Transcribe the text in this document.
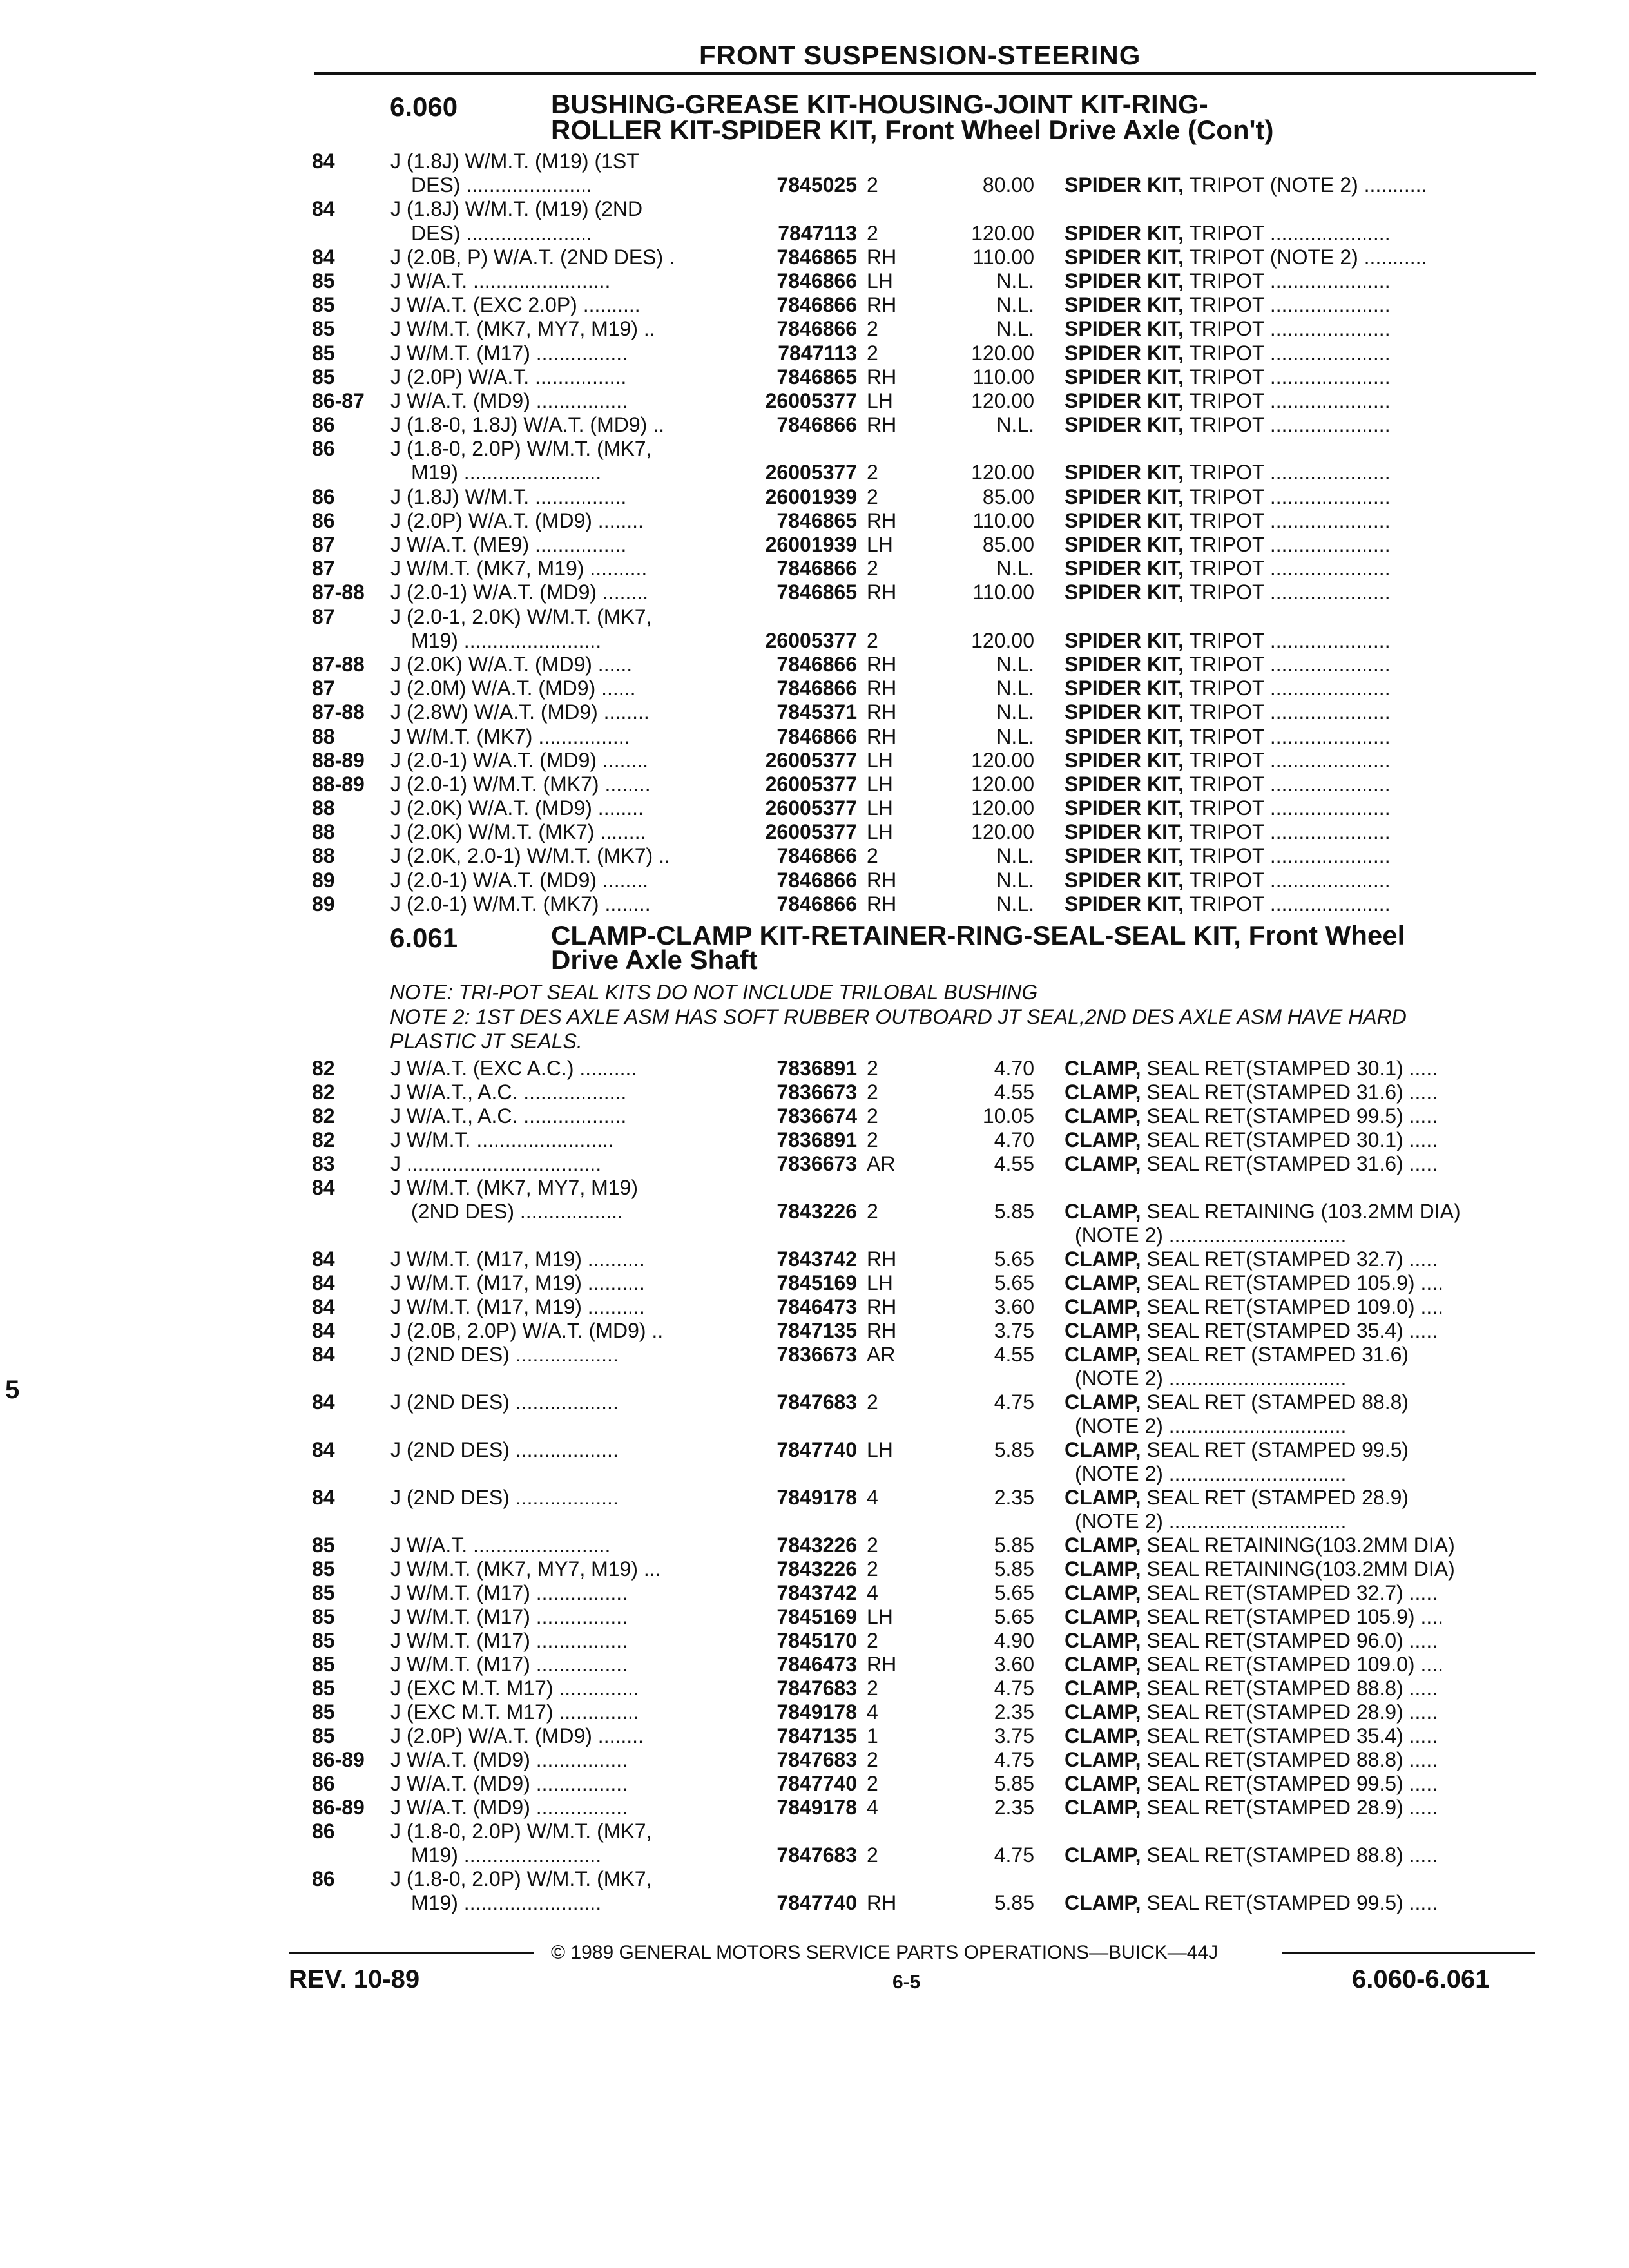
FRONT SUSPENSION-STEERING
6.060	BUSHING-GREASE KIT-HOUSING-JOINT KIT-RING-
ROLLER KIT-SPIDER KIT, Front Wheel Drive Axle (Con't)
84	J (1.8J) W/M.T. (M19) (1ST
DES) ......................	7845025 2	80.00 SPIDER KIT, TRIPOT (NOTE 2) ...........
84	J (1.8J) W/M.T. (M19) (2ND
DES) ......................	7847113 2	120.00 SPIDER KIT, TRIPOT .....................
84	J (2.0B, P) W/A.T. (2ND DES) .	7846865 RH	110.00 SPIDER KIT, TRIPOT (NOTE 2) ...........
85	J W/A.T. ........................	7846866 LH	N.L. SPIDER KIT, TRIPOT .....................
85	J W/A.T. (EXC 2.0P) ..........	7846866 RH	N.L. SPIDER KIT, TRIPOT .....................
85	J W/M.T. (MK7, MY7, M19) ..	7846866 2	N.L. SPIDER KIT, TRIPOT .....................
85	J W/M.T. (M17) ................	7847113 2	120.00 SPIDER KIT, TRIPOT .....................
85	J (2.0P) W/A.T. ................	7846865 RH	110.00 SPIDER KIT, TRIPOT .....................
86-87 J W/A.T. (MD9) ................	26005377 LH	120.00 SPIDER KIT, TRIPOT .....................
86	J (1.8-0, 1.8J) W/A.T. (MD9) ..	7846866 RH	N.L. SPIDER KIT, TRIPOT .....................
86	J (1.8-0, 2.0P) W/M.T. (MK7,
M19) ........................	26005377 2	120.00 SPIDER KIT, TRIPOT .....................
86	J (1.8J) W/M.T. ................	26001939 2	85.00 SPIDER KIT, TRIPOT .....................
86	J (2.0P) W/A.T. (MD9) ........	7846865 RH	110.00 SPIDER KIT, TRIPOT .....................
87	J W/A.T. (ME9) ................	26001939 LH	85.00 SPIDER KIT, TRIPOT .....................
87	J W/M.T. (MK7, M19) ..........	7846866 2	N.L. SPIDER KIT, TRIPOT .....................
87-88 J (2.0-1) W/A.T. (MD9) ........	7846865 RH	110.00 SPIDER KIT, TRIPOT .....................
87	J (2.0-1, 2.0K) W/M.T. (MK7,
M19) ........................	26005377 2	120.00 SPIDER KIT, TRIPOT .....................
87-88 J (2.0K) W/A.T. (MD9) ......	7846866 RH	N.L. SPIDER KIT, TRIPOT .....................
87	J (2.0M) W/A.T. (MD9) ......	7846866 RH	N.L. SPIDER KIT, TRIPOT .....................
87-88 J (2.8W) W/A.T. (MD9) ........	7845371 RH	N.L. SPIDER KIT, TRIPOT .....................
88	J W/M.T. (MK7) ................	7846866 RH	N.L. SPIDER KIT, TRIPOT .....................
88-89 J (2.0-1) W/A.T. (MD9) ........	26005377 LH	120.00 SPIDER KIT, TRIPOT .....................
88-89 J (2.0-1) W/M.T. (MK7) ........	26005377 LH	120.00 SPIDER KIT, TRIPOT .....................
88	J (2.0K) W/A.T. (MD9) ........	26005377 LH	120.00 SPIDER KIT, TRIPOT .....................
88	J (2.0K) W/M.T. (MK7) ........	26005377 LH	120.00 SPIDER KIT, TRIPOT .....................
88	J (2.0K, 2.0-1) W/M.T. (MK7) ..	7846866 2	N.L. SPIDER KIT, TRIPOT .....................
89	J (2.0-1) W/A.T. (MD9) ........	7846866 RH	N.L. SPIDER KIT, TRIPOT .....................
89	J (2.0-1) W/M.T. (MK7) ........	7846866 RH	N.L. SPIDER KIT, TRIPOT .....................
6.061	CLAMP-CLAMP KIT-RETAINER-RING-SEAL-SEAL KIT, Front Wheel
Drive Axle Shaft
NOTE: TRI-POT SEAL KITS DO NOT INCLUDE TRILOBAL BUSHING
NOTE 2: 1ST DES AXLE ASM HAS SOFT RUBBER OUTBOARD JT SEAL,2ND DES AXLE ASM HAVE HARD
PLASTIC JT SEALS.
82	J W/A.T. (EXC A.C.) ..........	7836891 2	4.70 CLAMP, SEAL RET(STAMPED 30.1) .....
82	J W/A.T., A.C. ..................	7836673 2	4.55 CLAMP, SEAL RET(STAMPED 31.6) .....
82	J W/A.T., A.C. ..................	7836674 2	10.05 CLAMP, SEAL RET(STAMPED 99.5) .....
82	J W/M.T. ........................	7836891 2	4.70 CLAMP, SEAL RET(STAMPED 30.1) .....
83	J ..................................	7836673 AR	4.55 CLAMP, SEAL RET(STAMPED 31.6) .....
84	J W/M.T. (MK7, MY7, M19)
(2ND DES) ..................	7843226 2	5.85 CLAMP, SEAL RETAINING (103.2MM DIA)
(NOTE 2) ...............................
84	J W/M.T. (M17, M19) ..........	7843742 RH	5.65 CLAMP, SEAL RET(STAMPED 32.7) .....
84	J W/M.T. (M17, M19) ..........	7845169 LH	5.65 CLAMP, SEAL RET(STAMPED 105.9) ....
84	J W/M.T. (M17, M19) ..........	7846473 RH	3.60 CLAMP, SEAL RET(STAMPED 109.0) ....
84	J (2.0B, 2.0P) W/A.T. (MD9) ..	7847135 RH	3.75 CLAMP, SEAL RET(STAMPED 35.4) .....
84	J (2ND DES) ..................	7836673 AR	4.55 CLAMP, SEAL RET (STAMPED 31.6)
(NOTE 2) ...............................
84	J (2ND DES) ..................	7847683 2	4.75 CLAMP, SEAL RET (STAMPED 88.8)
(NOTE 2) ...............................
84	J (2ND DES) ..................	7847740 LH	5.85 CLAMP, SEAL RET (STAMPED 99.5)
(NOTE 2) ...............................
84	J (2ND DES) ..................	7849178 4	2.35 CLAMP, SEAL RET (STAMPED 28.9)
(NOTE 2) ...............................
85	J W/A.T. ........................	7843226 2	5.85 CLAMP, SEAL RETAINING(103.2MM DIA)
85	J W/M.T. (MK7, MY7, M19) ...	7843226 2	5.85 CLAMP, SEAL RETAINING(103.2MM DIA)
85	J W/M.T. (M17) ................	7843742 4	5.65 CLAMP, SEAL RET(STAMPED 32.7) .....
85	J W/M.T. (M17) ................	7845169 LH	5.65 CLAMP, SEAL RET(STAMPED 105.9) ....
85	J W/M.T. (M17) ................	7845170 2	4.90 CLAMP, SEAL RET(STAMPED 96.0) .....
85	J W/M.T. (M17) ................	7846473 RH	3.60 CLAMP, SEAL RET(STAMPED 109.0) ....
85	J (EXC M.T. M17) ..............	7847683 2	4.75 CLAMP, SEAL RET(STAMPED 88.8) .....
85	J (EXC M.T. M17) ..............	7849178 4	2.35 CLAMP, SEAL RET(STAMPED 28.9) .....
85	J (2.0P) W/A.T. (MD9) ........	7847135 1	3.75 CLAMP, SEAL RET(STAMPED 35.4) .....
86-89 J W/A.T. (MD9) ................	7847683 2	4.75 CLAMP, SEAL RET(STAMPED 88.8) .....
86	J W/A.T. (MD9) ................	7847740 2	5.85 CLAMP, SEAL RET(STAMPED 99.5) .....
86-89 J W/A.T. (MD9) ................	7849178 4	2.35 CLAMP, SEAL RET(STAMPED 28.9) .....
86	J (1.8-0, 2.0P) W/M.T. (MK7,
M19) ........................	7847683 2	4.75 CLAMP, SEAL RET(STAMPED 88.8) .....
86	J (1.8-0, 2.0P) W/M.T. (MK7,
M19) ........................	7847740 RH	5.85 CLAMP, SEAL RET(STAMPED 99.5) .....
5
© 1989 GENERAL MOTORS SERVICE PARTS OPERATIONS—BUICK—44J
REV. 10-89	6-5	6.060-6.061
